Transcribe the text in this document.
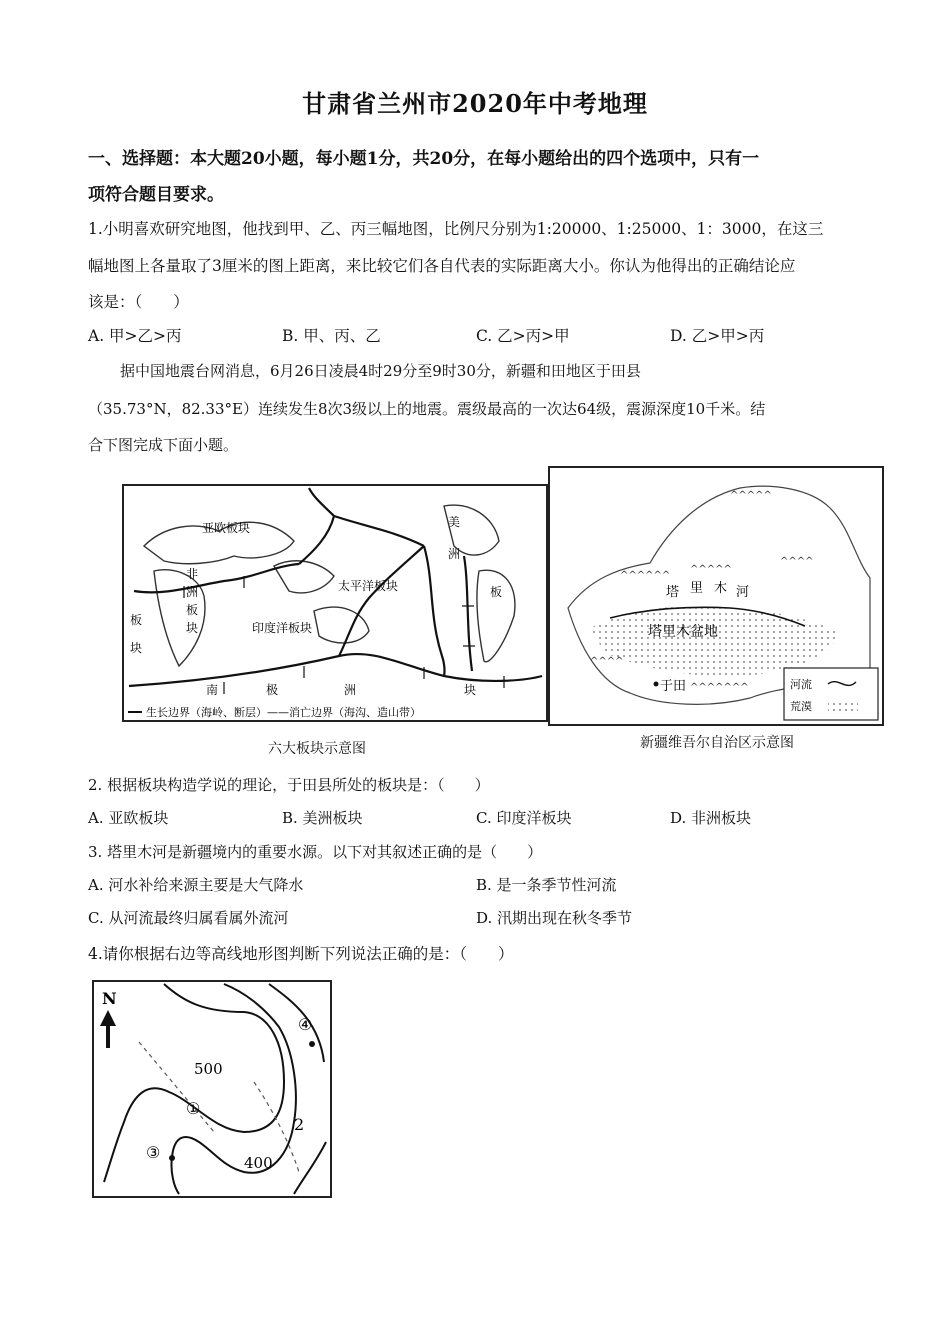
甘肃省兰州市2020年中考地理
一、选择题：本大题20小题，每小题1分，共20分，在每小题给出的四个选项中，只有一
项符合题目要求。
1.小明喜欢研究地图，他找到甲、乙、丙三幅地图，比例尺分别为1:20000、1:25000、1：3000，在这三
幅地图上各量取了3厘米的图上距离，来比较它们各自代表的实际距离大小。你认为他得出的正确结论应
该是：（　　）
A. 甲>乙>丙	B. 甲、丙、乙	C. 乙>丙>甲	D. 乙>甲>丙
据中国地震台网消息，6月26日凌晨4时29分至9时30分，新疆和田地区于田县
（35.73°N，82.33°E）连续发生8次3级以上的地震。震级最高的一次达64级，震源深度10千米。结
合下图完成下面小题。
亚欧板块
非
洲
板
块
板
块
美
洲
板
太平洋板块
印度洋板块
南	极	洲	块
生长边界（海岭、断层）——消亡边界（海沟、造山带）
六大板块示意图
^^^^^^
^^^^^
^^^^
^^^^^
^^^^
^^^^^^^
塔 里 木 河
塔里木盆地
于田	河流
荒漠
新疆维吾尔自治区示意图
2. 根据板块构造学说的理论，于田县所处的板块是：（　　）
A. 亚欧板块	B. 美洲板块	C. 印度洋板块	D. 非洲板块
3. 塔里木河是新疆境内的重要水源。以下对其叙述正确的是（　　）
A. 河水补给来源主要是大气降水	B. 是一条季节性河流
C. 从河流最终归属看属外流河	D. 汛期出现在秋冬季节
4.请你根据右边等高线地形图判断下列说法正确的是：（　　）
N
500
400
①
2
③
④
